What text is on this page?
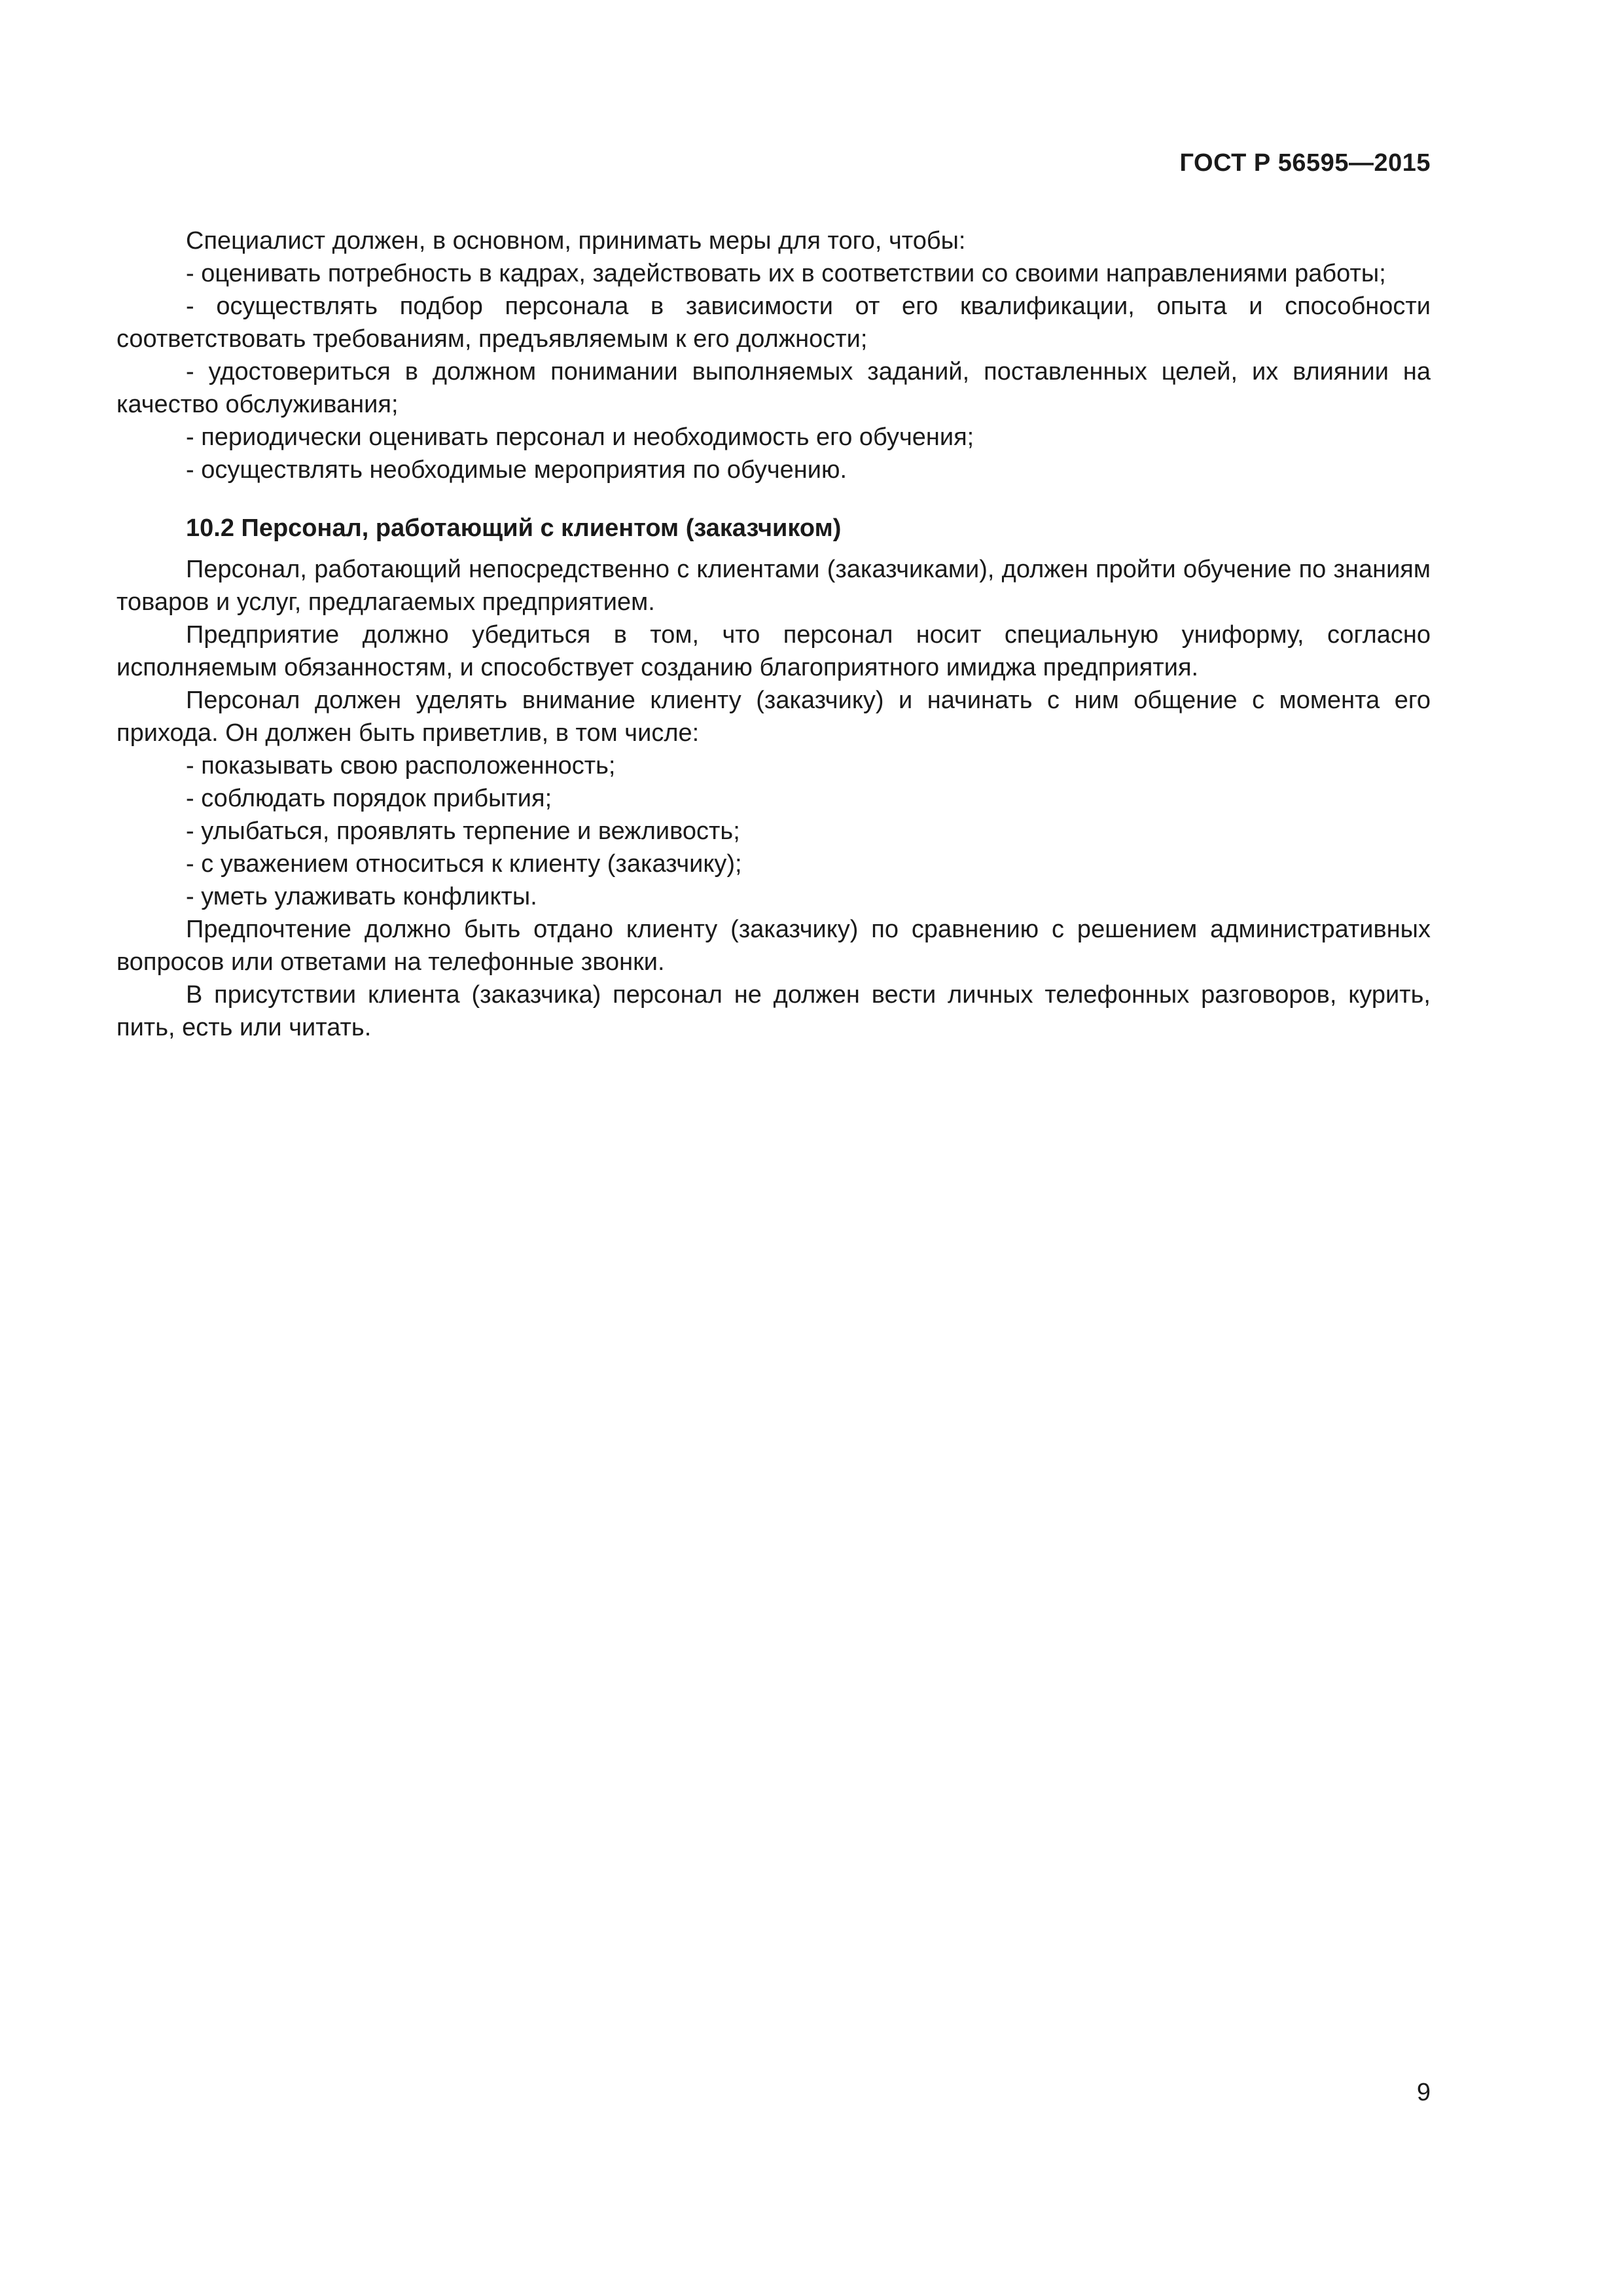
ГОСТ Р 56595—2015

Специалист должен, в основном, принимать меры для того, чтобы:

- оценивать потребность в кадрах, задействовать их в соответствии со своими направлениями работы;

- осуществлять подбор персонала в зависимости от его квалификации, опыта и способности соответствовать требованиям, предъявляемым к его должности;

- удостовериться в должном понимании выполняемых заданий, поставленных целей, их влиянии на качество обслуживания;

- периодически оценивать персонал и необходимость его обучения;

- осуществлять необходимые мероприятия по обучению.

10.2 Персонал, работающий с клиентом (заказчиком)

Персонал, работающий непосредственно с клиентами (заказчиками), должен пройти обучение по знаниям товаров и услуг, предлагаемых предприятием.

Предприятие должно убедиться в том, что персонал носит специальную униформу, согласно исполняемым обязанностям, и способствует созданию благоприятного имиджа предприятия.

Персонал должен уделять внимание клиенту (заказчику) и начинать с ним общение с момента его прихода. Он должен быть приветлив, в том числе:

- показывать свою расположенность;

- соблюдать порядок прибытия;

- улыбаться, проявлять терпение и вежливость;

- с уважением относиться к клиенту (заказчику);

- уметь улаживать конфликты.

Предпочтение должно быть отдано клиенту (заказчику) по сравнению с решением административных вопросов или ответами на телефонные звонки.

В присутствии клиента (заказчика) персонал не должен вести личных телефонных разговоров, курить, пить, есть или читать.

9
